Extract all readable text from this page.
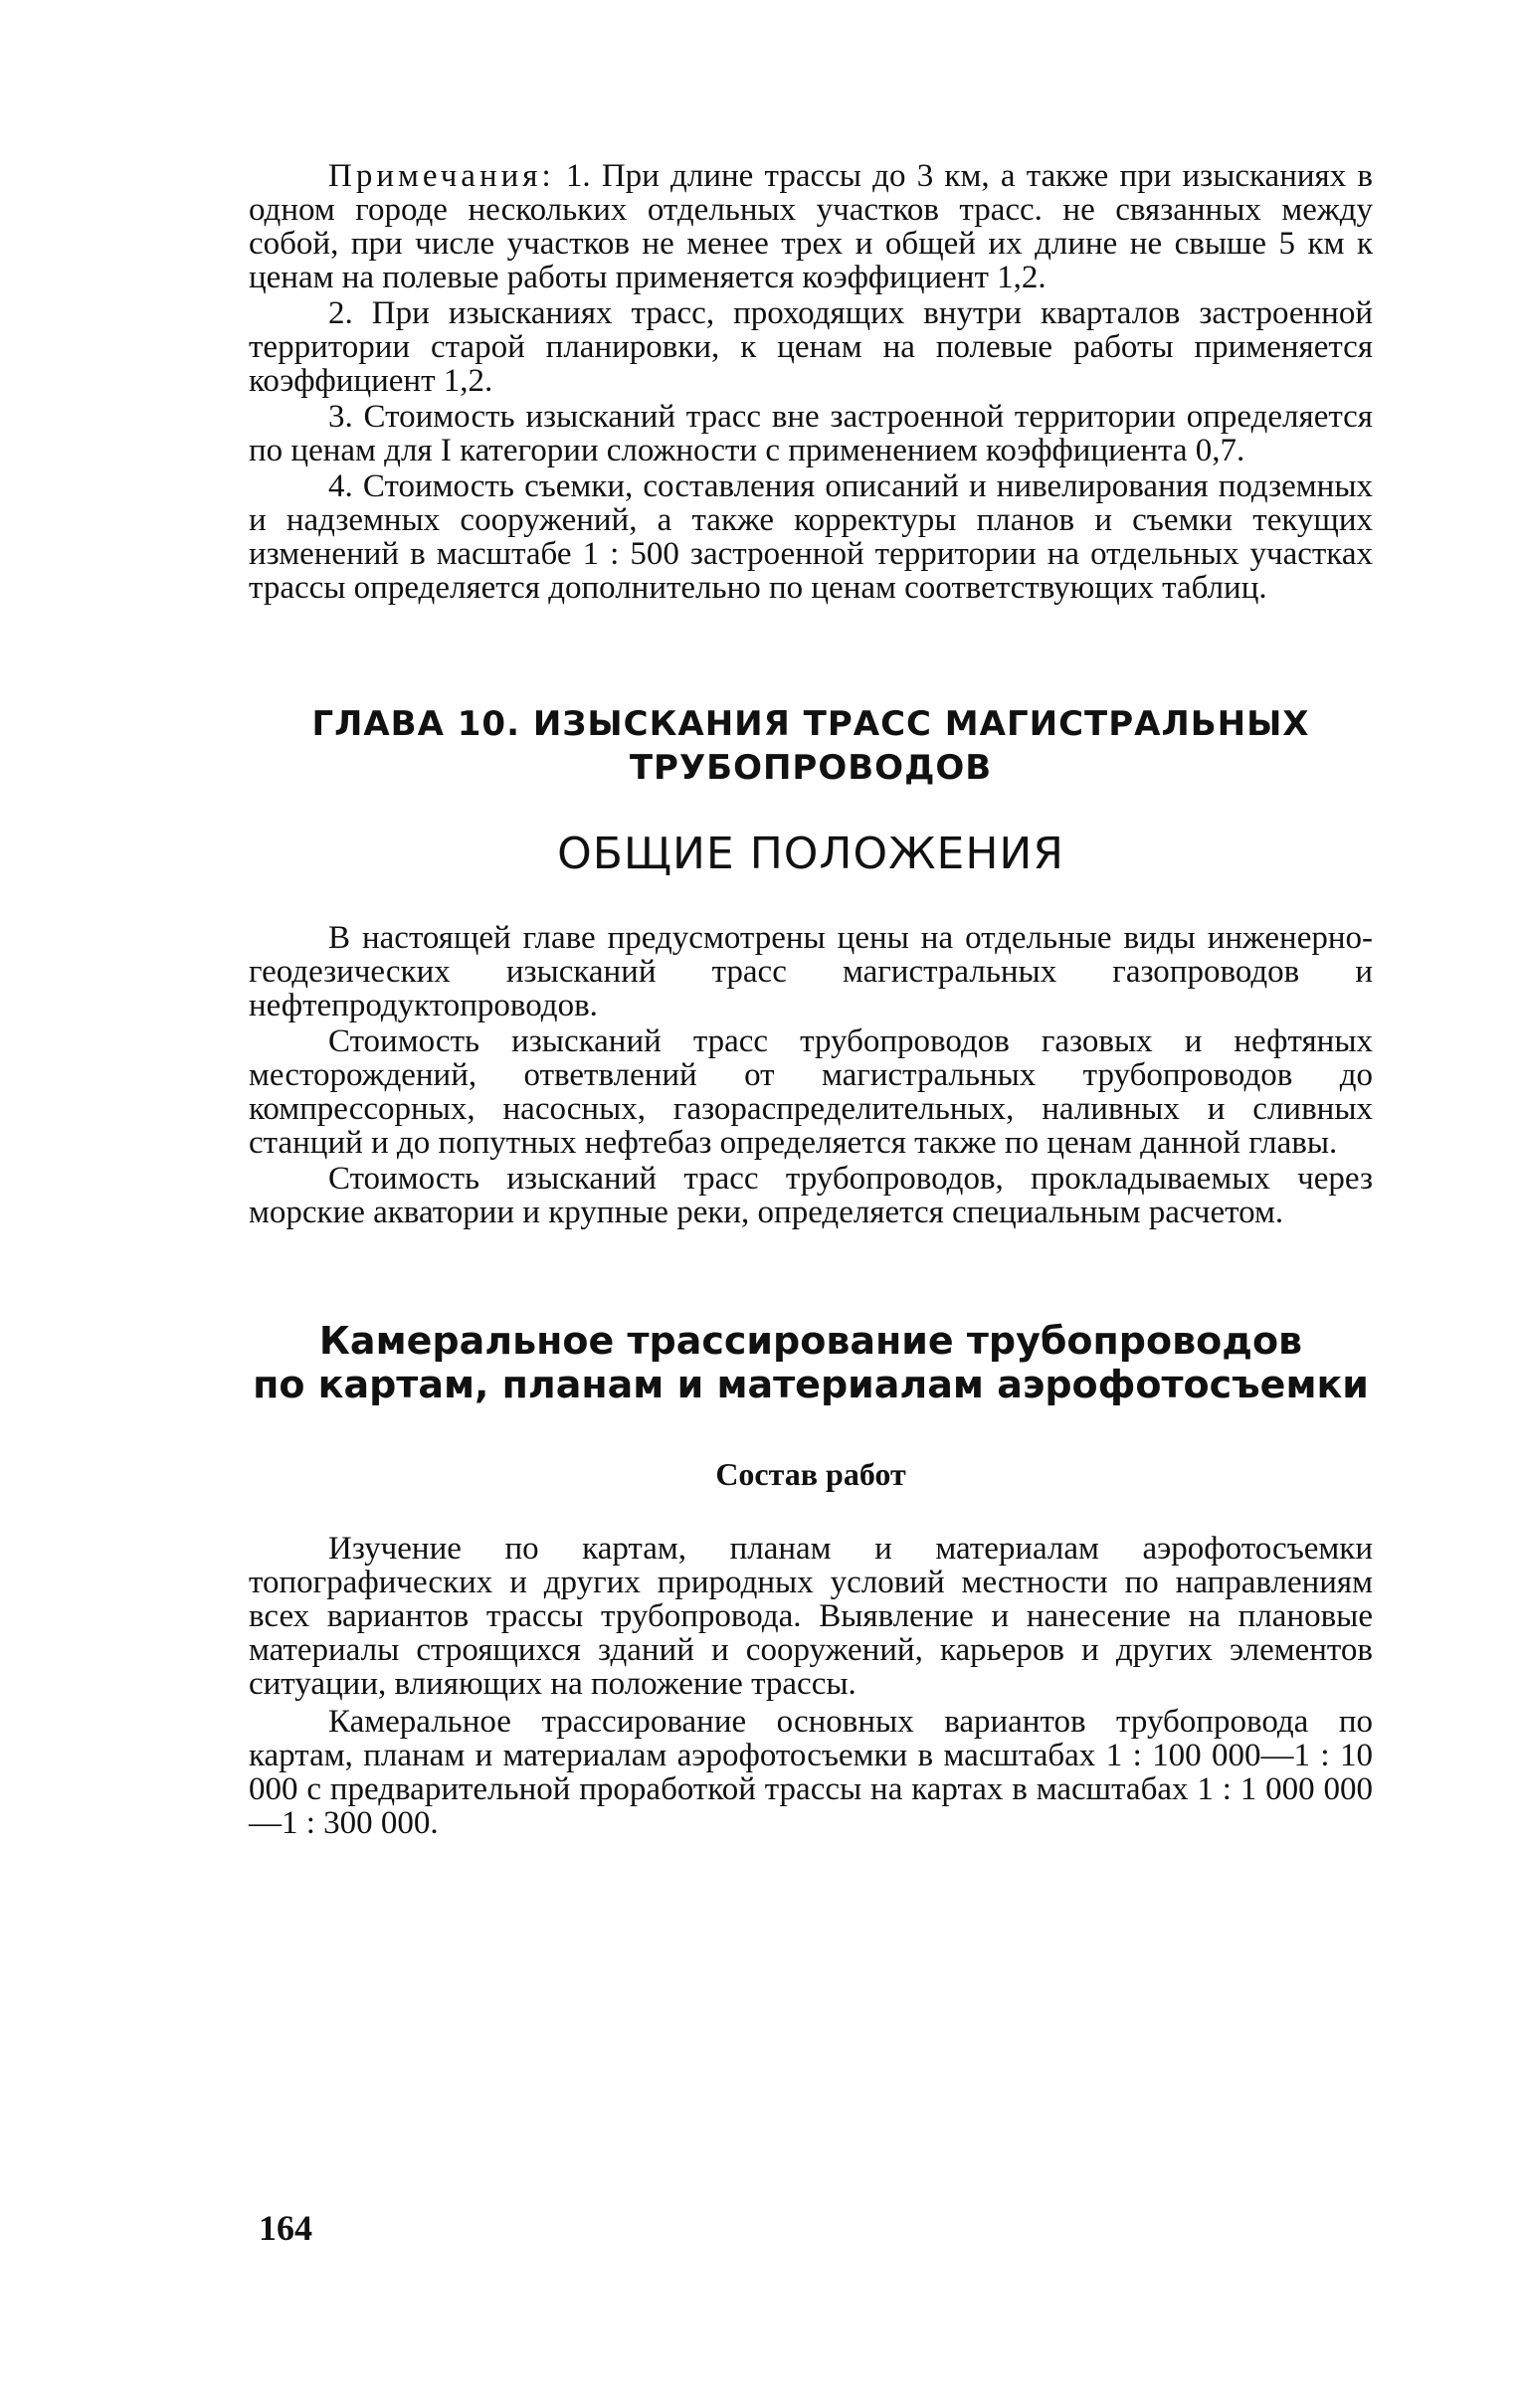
Примечания: 1. При длине трассы до 3 км, а также при изысканиях в одном городе нескольких отдельных участков трасс. не связанных между собой, при числе участков не менее трех и общей их длине не свыше 5 км к ценам на полевые работы применяется коэффициент 1,2.

2. При изысканиях трасс, проходящих внутри кварталов застроенной территории старой планировки, к ценам на полевые работы применяется коэффициент 1,2.

3. Стоимость изысканий трасс вне застроенной территории определяется по ценам для I категории сложности с применением коэффициента 0,7.

4. Стоимость съемки, составления описаний и нивелирования подземных и надземных сооружений, а также корректуры планов и съемки текущих изменений в масштабе 1 : 500 застроенной территории на отдельных участках трассы определяется дополнительно по ценам соответствующих таблиц.

ГЛАВА 10. ИЗЫСКАНИЯ ТРАСС МАГИСТРАЛЬНЫХ
ТРУБОПРОВОДОВ
ОБЩИЕ ПОЛОЖЕНИЯ

В настоящей главе предусмотрены цены на отдельные виды инженерно-геодезических изысканий трасс магистральных газопроводов и нефтепродуктопроводов.

Стоимость изысканий трасс трубопроводов газовых и нефтяных месторождений, ответвлений от магистральных трубопроводов до компрессорных, насосных, газораспределительных, наливных и сливных станций и до попутных нефтебаз определяется также по ценам данной главы.

Стоимость изысканий трасс трубопроводов, прокладываемых через морские акватории и крупные реки, определяется специальным расчетом.

Камеральное трассирование трубопроводов
по картам, планам и материалам аэрофотосъемки
Состав работ

Изучение по картам, планам и материалам аэрофотосъемки топографических и других природных условий местности по направлениям всех вариантов трассы трубопровода. Выявление и нанесение на плановые материалы строящихся зданий и сооружений, карьеров и других элементов ситуации, влияющих на положение трассы.

Камеральное трассирование основных вариантов трубопровода по картам, планам и материалам аэрофотосъемки в масштабах 1 : 100 000—1 : 10 000 с предварительной проработкой трассы на картах в масштабах 1 : 1 000 000—1 : 300 000.

164
